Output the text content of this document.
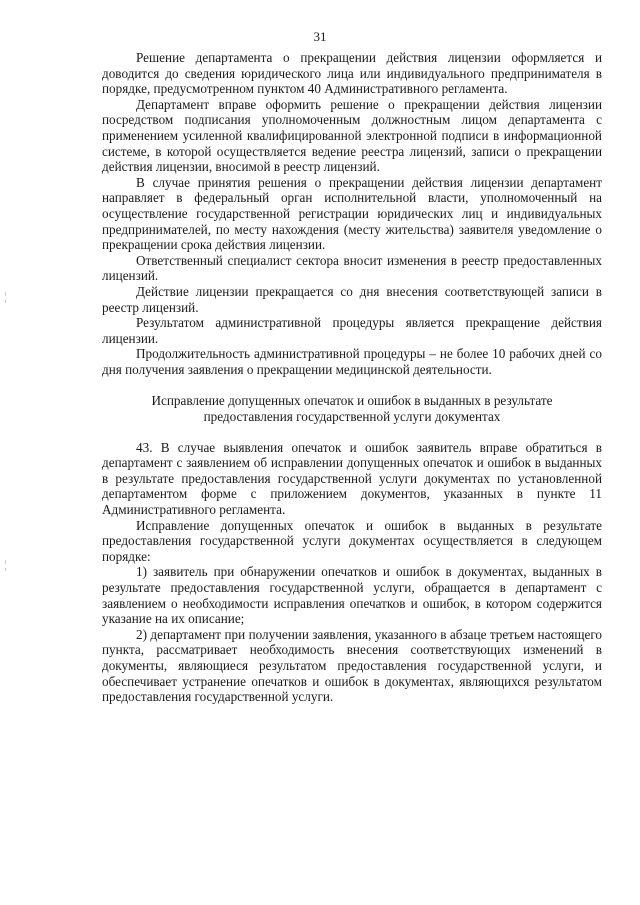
31

Решение департамента о прекращении действия лицензии оформляется и доводится до сведения юридического лица или индивидуального предпринимателя в порядке, предусмотренном пунктом 40 Административного регламента.

Департамент вправе оформить решение о прекращении действия лицензии посредством подписания уполномоченным должностным лицом департамента с применением усиленной квалифицированной электронной подписи в информационной системе, в которой осуществляется ведение реестра лицензий, записи о прекращении действия лицензии, вносимой в реестр лицензий.

В случае принятия решения о прекращении действия лицензии департамент направляет в федеральный орган исполнительной власти, уполномоченный на осуществление государственной регистрации юридических лиц и индивидуальных предпринимателей, по месту нахождения (месту жительства) заявителя уведомление о прекращении срока действия лицензии.

Ответственный специалист сектора вносит изменения в реестр предоставленных лицензий.

Действие лицензии прекращается со дня внесения соответствующей записи в реестр лицензий.

Результатом административной процедуры является прекращение действия лицензии.

Продолжительность административной процедуры – не более 10 рабочих дней со дня получения заявления о прекращении медицинской деятельности.

Исправление допущенных опечаток и ошибок в выданных в результате предоставления государственной услуги документах

43. В случае выявления опечаток и ошибок заявитель вправе обратиться в департамент с заявлением об исправлении допущенных опечаток и ошибок в выданных в результате предоставления государственной услуги документах по установленной департаментом форме с приложением документов, указанных в пункте 11 Административного регламента.

Исправление допущенных опечаток и ошибок в выданных в результате предоставления государственной услуги документах осуществляется в следующем порядке:

1) заявитель при обнаружении опечатков и ошибок в документах, выданных в результате предоставления государственной услуги, обращается в департамент с заявлением о необходимости исправления опечатков и ошибок, в котором содержится указание на их описание;

2) департамент при получении заявления, указанного в абзаце третьем настоящего пункта, рассматривает необходимость внесения соответствующих изменений в документы, являющиеся результатом предоставления государственной услуги, и обеспечивает устранение опечатков и ошибок в документах, являющихся результатом предоставления государственной услуги.
